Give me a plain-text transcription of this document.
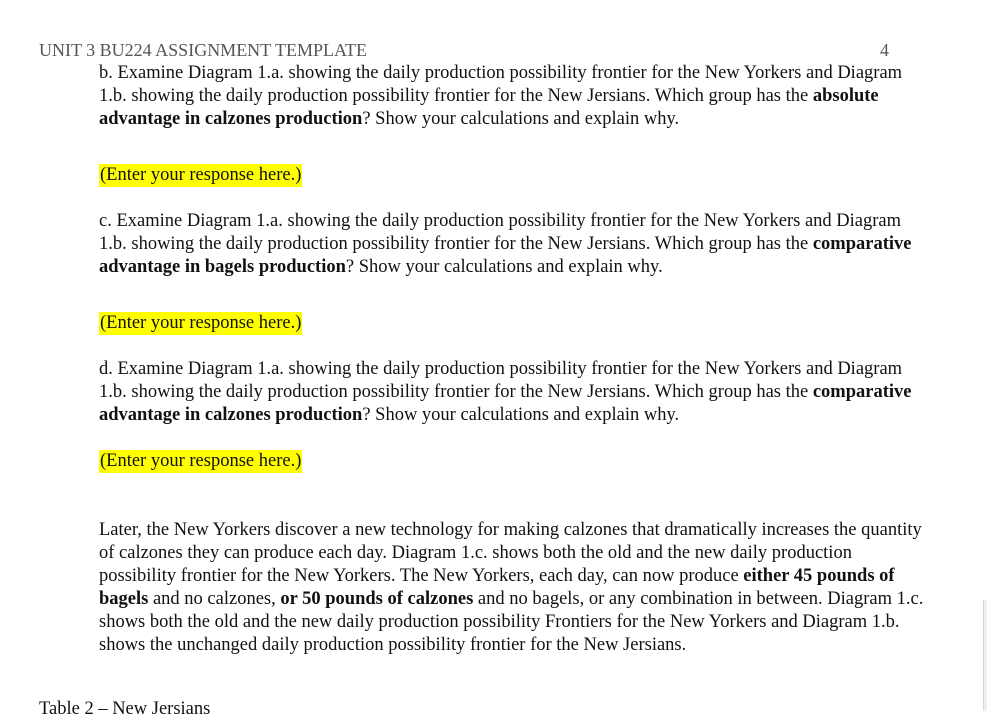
UNIT 3 BU224 ASSIGNMENT TEMPLATE	4
b. Examine Diagram 1.a. showing the daily production possibility frontier for the New Yorkers and Diagram 1.b. showing the daily production possibility frontier for the New Jersians. Which group has the absolute advantage in calzones production? Show your calculations and explain why.
(Enter your response here.)
c. Examine Diagram 1.a. showing the daily production possibility frontier for the New Yorkers and Diagram 1.b. showing the daily production possibility frontier for the New Jersians. Which group has the comparative advantage in bagels production? Show your calculations and explain why.
(Enter your response here.)
d. Examine Diagram 1.a. showing the daily production possibility frontier for the New Yorkers and Diagram 1.b. showing the daily production possibility frontier for the New Jersians. Which group has the comparative advantage in calzones production? Show your calculations and explain why.
(Enter your response here.)
Later, the New Yorkers discover a new technology for making calzones that dramatically increases the quantity of calzones they can produce each day. Diagram 1.c. shows both the old and the new daily production possibility frontier for the New Yorkers. The New Yorkers, each day, can now produce either 45 pounds of bagels and no calzones, or 50 pounds of calzones and no bagels, or any combination in between. Diagram 1.c. shows both the old and the new daily production possibility Frontiers for the New Yorkers and Diagram 1.b. shows the unchanged daily production possibility frontier for the New Jersians.
Table 2 – New Jersians
